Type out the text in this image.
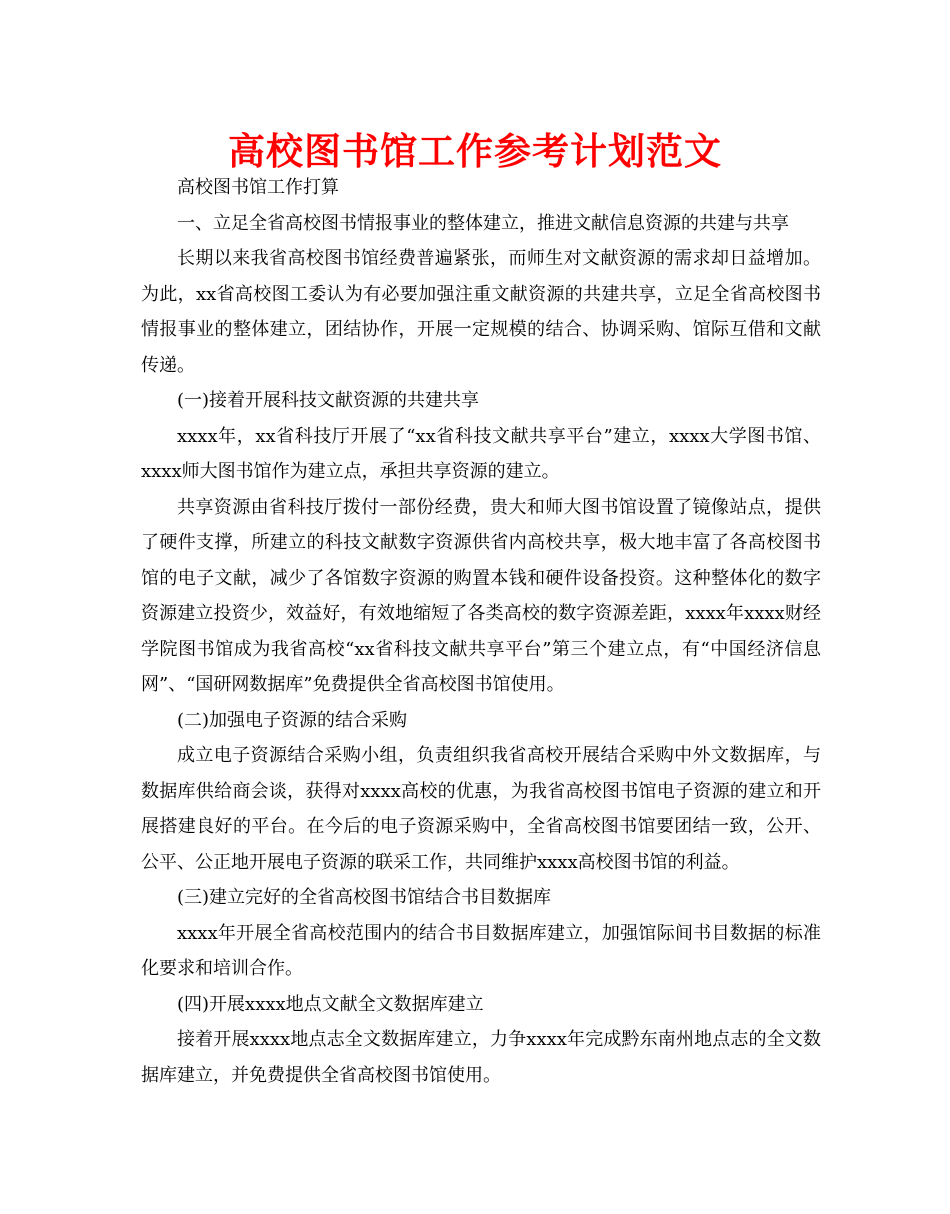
高校图书馆工作参考计划范文

高校图书馆工作打算

一、立足全省高校图书情报事业的整体建立，推进文献信息资源的共建与共享

长期以来我省高校图书馆经费普遍紧张，而师生对文献资源的需求却日益增加。为此，xx省高校图工委认为有必要加强注重文献资源的共建共享，立足全省高校图书情报事业的整体建立，团结协作，开展一定规模的结合、协调采购、馆际互借和文献传递。

(一)接着开展科技文献资源的共建共享

xxxx年，xx省科技厅开展了“xx省科技文献共享平台”建立，xxxx大学图书馆、xxxx师大图书馆作为建立点，承担共享资源的建立。

共享资源由省科技厅拨付一部份经费，贵大和师大图书馆设置了镜像站点，提供了硬件支撑，所建立的科技文献数字资源供省内高校共享，极大地丰富了各高校图书馆的电子文献，减少了各馆数字资源的购置本钱和硬件设备投资。这种整体化的数字资源建立投资少，效益好，有效地缩短了各类高校的数字资源差距，xxxx年xxxx财经学院图书馆成为我省高校“xx省科技文献共享平台”第三个建立点，有“中国经济信息网”、“国研网数据库”免费提供全省高校图书馆使用。

(二)加强电子资源的结合采购

成立电子资源结合采购小组，负责组织我省高校开展结合采购中外文数据库，与数据库供给商会谈，获得对xxxx高校的优惠，为我省高校图书馆电子资源的建立和开展搭建良好的平台。在今后的电子资源采购中，全省高校图书馆要团结一致，公开、公平、公正地开展电子资源的联采工作，共同维护xxxx高校图书馆的利益。

(三)建立完好的全省高校图书馆结合书目数据库

xxxx年开展全省高校范围内的结合书目数据库建立，加强馆际间书目数据的标准化要求和培训合作。

(四)开展xxxx地点文献全文数据库建立

接着开展xxxx地点志全文数据库建立，力争xxxx年完成黔东南州地点志的全文数据库建立，并免费提供全省高校图书馆使用。
